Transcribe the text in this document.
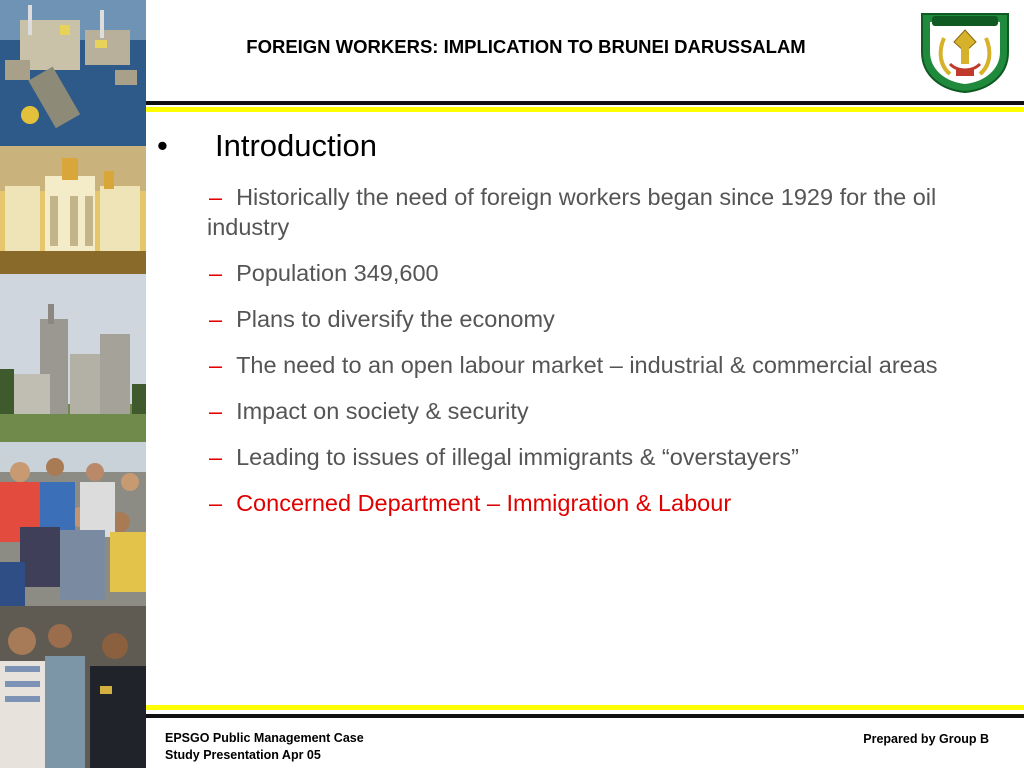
FOREIGN WORKERS: IMPLICATION TO BRUNEI DARUSSALAM
•	Introduction
– Historically the need of foreign workers began since 1929 for the oil industry
– Population 349,600
– Plans to diversify the economy
– The need to an open labour market – industrial & commercial areas
– Impact on society & security
– Leading to issues of illegal immigrants & “overstayers”
– Concerned Department – Immigration & Labour
EPSGO Public Management Case
Study Presentation Apr 05
Prepared by Group B
